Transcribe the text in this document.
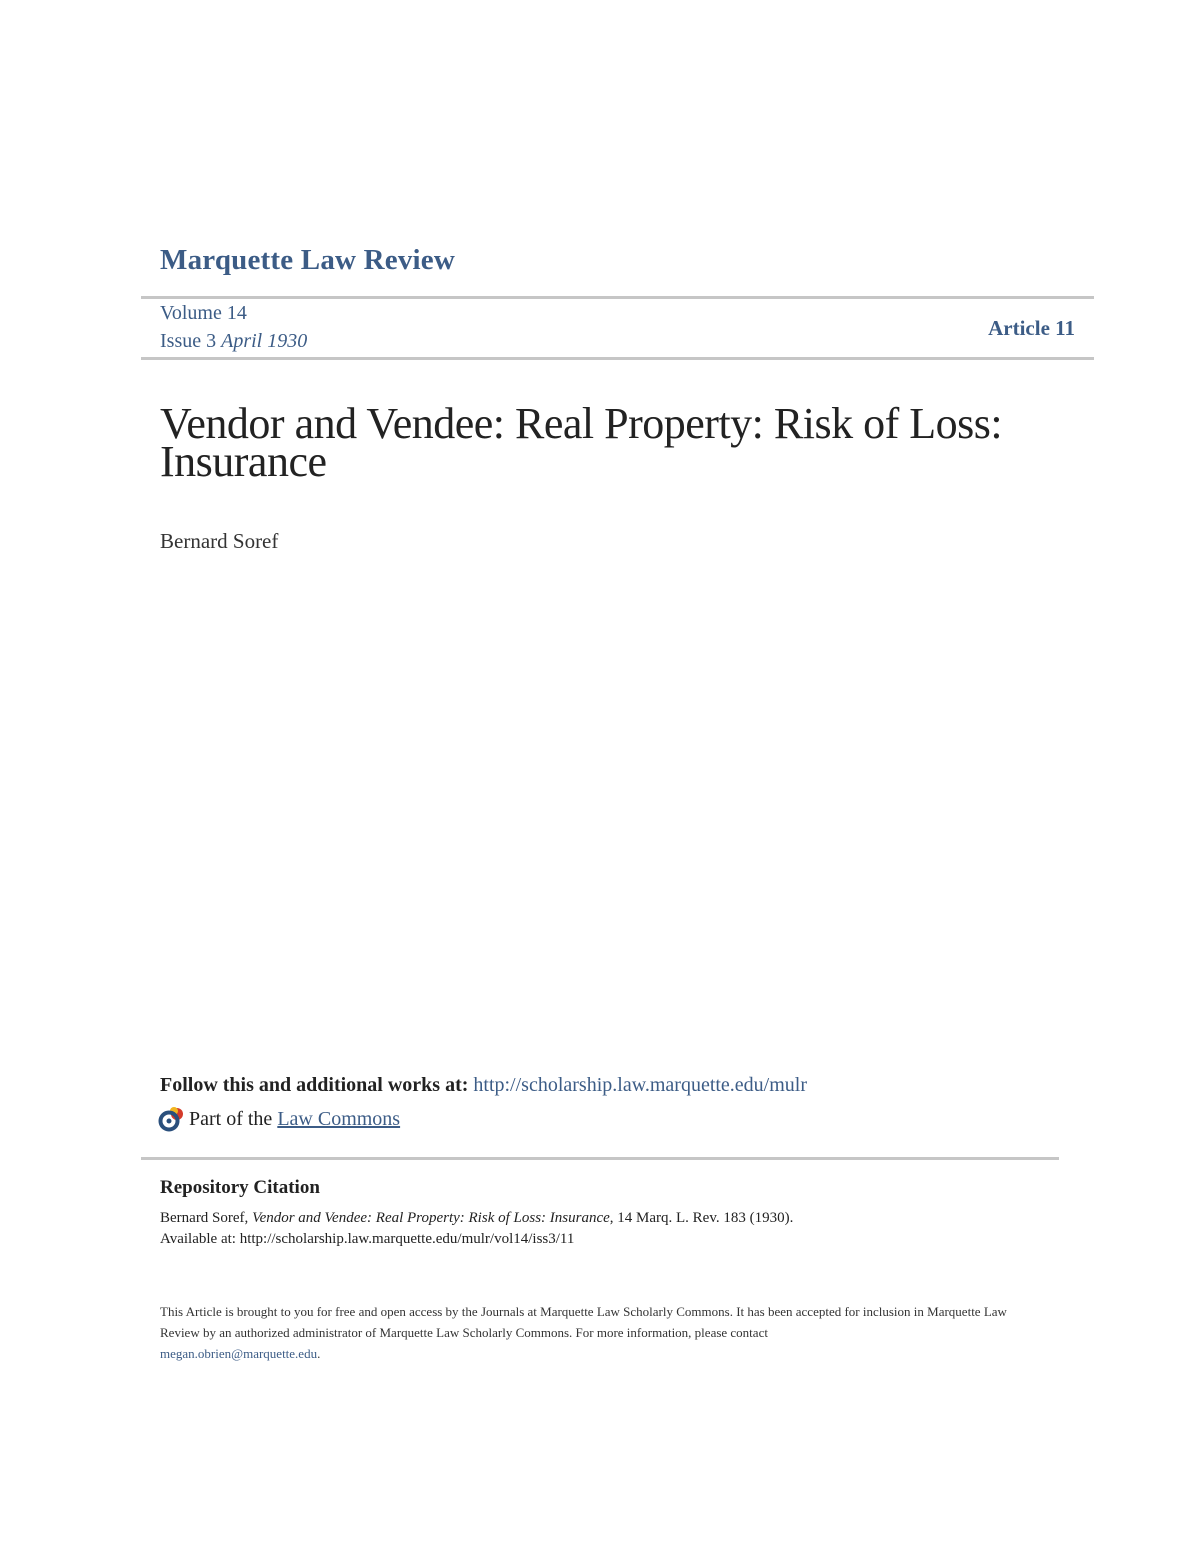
Marquette Law Review
Volume 14
Issue 3 April 1930
Article 11
Vendor and Vendee: Real Property: Risk of Loss:
Insurance
Bernard Soref
Follow this and additional works at: http://scholarship.law.marquette.edu/mulr
Part of the
Law Commons
Repository Citation
Bernard Soref, Vendor and Vendee: Real Property: Risk of Loss: Insurance, 14 Marq. L. Rev. 183 (1930).
Available at: http://scholarship.law.marquette.edu/mulr/vol14/iss3/11
This Article is brought to you for free and open access by the Journals at Marquette Law Scholarly Commons. It has been accepted for inclusion in Marquette Law Review by an authorized administrator of Marquette Law Scholarly Commons. For more information, please contact
megan.obrien@marquette.edu.
